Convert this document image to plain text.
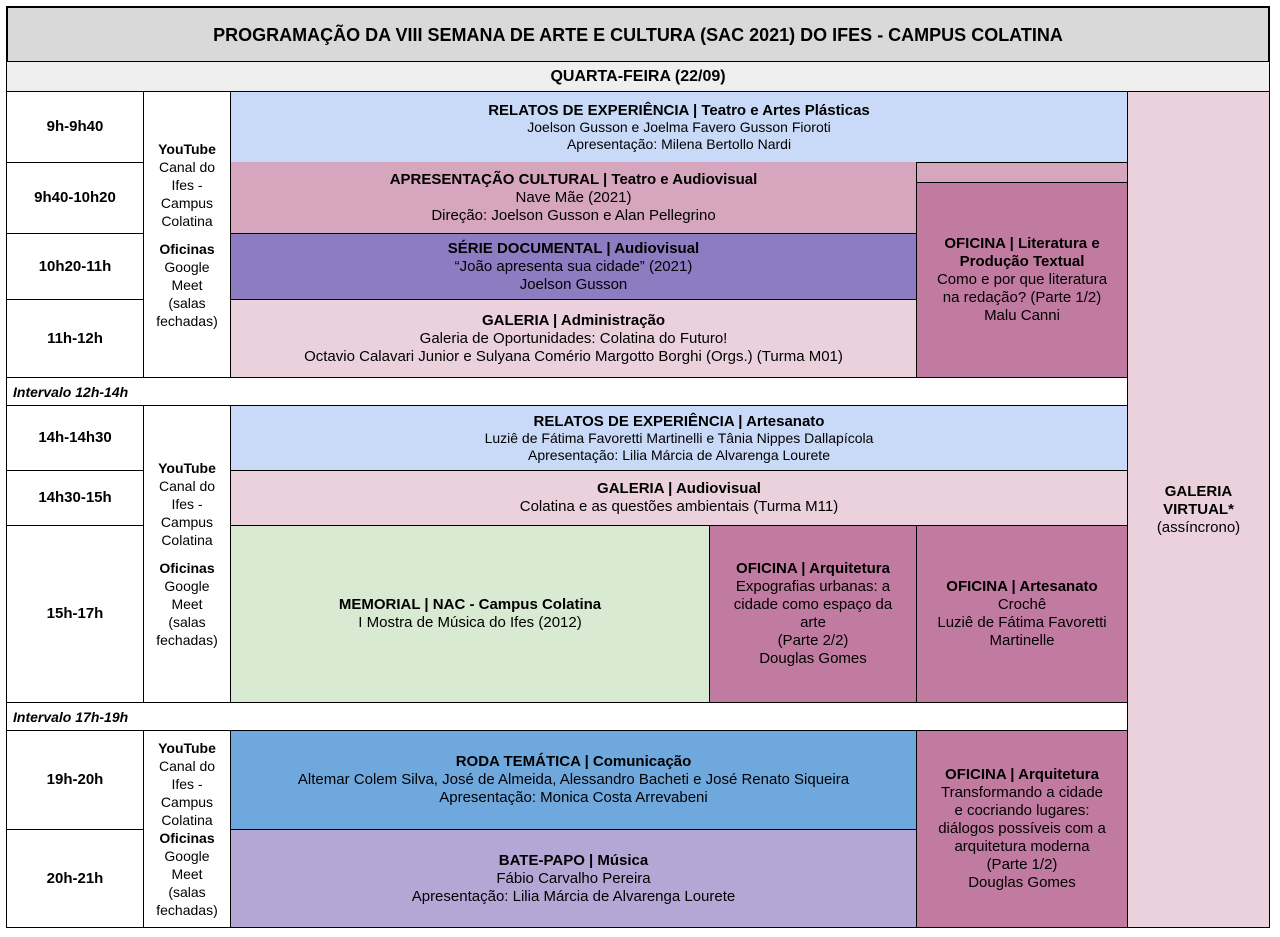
PROGRAMAÇÃO DA VIII SEMANA DE ARTE E CULTURA (SAC 2021) DO IFES - CAMPUS COLATINA
QUARTA-FEIRA (22/09)
9h-9h40
9h40-10h20
10h20-11h
11h-12h
14h-14h30
14h30-15h
15h-17h
19h-20h
20h-21h
Intervalo 12h-14h
Intervalo 17h-19h
YouTube
Canal do
Ifes -
Campus
Colatina
Oficinas
Google
Meet
(salas
fechadas)
YouTube
Canal do
Ifes -
Campus
Colatina
Oficinas
Google
Meet
(salas
fechadas)
YouTube
Canal do
Ifes -
Campus
Colatina
Oficinas
Google
Meet
(salas
fechadas)
RELATOS DE EXPERIÊNCIA | Teatro e Artes Plásticas
Joelson Gusson e Joelma Favero Gusson Fioroti
Apresentação: Milena Bertollo Nardi
APRESENTAÇÃO CULTURAL | Teatro e Audiovisual
Nave Mãe (2021)
Direção: Joelson Gusson e Alan Pellegrino
SÉRIE DOCUMENTAL | Audiovisual
“João apresenta sua cidade” (2021)
Joelson Gusson
GALERIA | Administração
Galeria de Oportunidades: Colatina do Futuro!
Octavio Calavari Junior e Sulyana Comério Margotto Borghi (Orgs.) (Turma M01)
OFICINA | Literatura e
Produção Textual
Como e por que literatura
na redação? (Parte 1/2)
Malu Canni
RELATOS DE EXPERIÊNCIA | Artesanato
Luziê de Fátima Favoretti Martinelli e Tânia Nippes Dallapícola
Apresentação: Lilia Márcia de Alvarenga Lourete
GALERIA | Audiovisual
Colatina e as questões ambientais (Turma M11)
MEMORIAL | NAC - Campus Colatina
I Mostra de Música do Ifes (2012)
OFICINA | Arquitetura
Expografias urbanas: a
cidade como espaço da
arte
(Parte 2/2)
Douglas Gomes
OFICINA | Artesanato
Crochê
Luziê de Fátima Favoretti
Martinelle
RODA TEMÁTICA | Comunicação
Altemar Colem Silva, José de Almeida, Alessandro Bacheti e José Renato Siqueira
Apresentação: Monica Costa Arrevabeni
BATE-PAPO | Música
Fábio Carvalho Pereira
Apresentação: Lilia Márcia de Alvarenga Lourete
OFICINA | Arquitetura
Transformando a cidade
e cocriando lugares:
diálogos possíveis com a
arquitetura moderna
(Parte 1/2)
Douglas Gomes
GALERIA
VIRTUAL*
(assíncrono)
